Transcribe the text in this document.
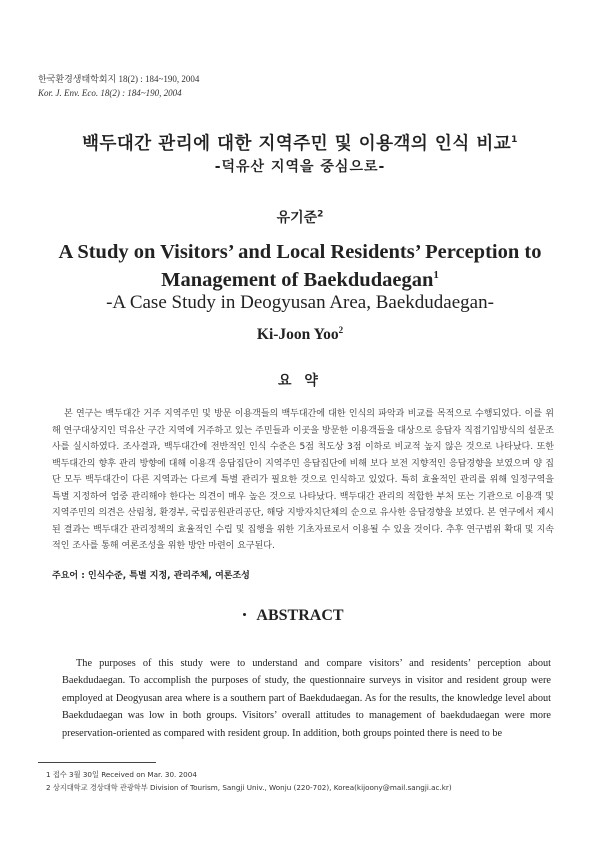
한국환경생태학회지 18(2) : 184~190, 2004
Kor. J. Env. Eco. 18(2) : 184~190, 2004
백두대간 관리에 대한 지역주민 및 이용객의 인식 비교$^1$
-덕유산 지역을 중심으로-
유기준$^2$
A Study on Visitors’ and Local Residents’ Perception to
Management of Baekdudaegan$^1$
-A Case Study in Deogyusan Area, Baekdudaegan-
Ki-Joon Yoo$^2$
요 약
본 연구는 백두대간 거주 지역주민 및 방문 이용객들의 백두대간에 대한 인식의 파악과 비교를 목적으로 수행되었다. 이를 위해 연구대상지인 덕유산 구간 지역에 거주하고 있는 주민들과 이곳을 방문한 이용객들을 대상으로 응답자 직접기입방식의 설문조사를 실시하였다. 조사결과, 백두대간에 전반적인 인식 수준은 5점 척도상 3점 이하로 비교적 높지 않은 것으로 나타났다. 또한 백두대간의 향후 관리 방향에 대해 이용객 응답집단이 지역주민 응답집단에 비해 보다 보전 지향적인 응답경향을 보였으며 양 집단 모두 백두대간이 다른 지역과는 다르게 특별 관리가 필요한 것으로 인식하고 있었다. 특히 효율적인 관리를 위해 일정구역을 특별 지정하여 엄중 관리해야 한다는 의견이 매우 높은 것으로 나타났다. 백두대간 관리의 적합한 부처 또는 기관으로 이용객 및 지역주민의 의견은 산림청, 환경부, 국립공원관리공단, 해당 지방자치단체의 순으로 유사한 응답경향을 보였다. 본 연구에서 제시된 결과는 백두대간 관리정책의 효율적인 수립 및 집행을 위한 기초자료로서 이용될 수 있을 것이다. 추후 연구범위 확대 및 지속적인 조사를 통해 여론조성을 위한 방안 마련이 요구된다.
주요어 : 인식수준, 특별 지정, 관리주체, 여론조성
ABSTRACT
The purposes of this study were to understand and compare visitors’ and residents’ perception about Baekdudaegan. To accomplish the purposes of study, the questionnaire surveys in visitor and resident group were employed at Deogyusan area where is a southern part of Baekdudaegan. As for the results, the knowledge level about Baekdudaegan was low in both groups. Visitors’ overall attitudes to management of baekdudaegan were more preservation-oriented as compared with resident group. In addition, both groups pointed there is need to be
1 접수 3월 30일 Received on Mar. 30. 2004
2 상지대학교 경상대학 관광학부 Division of Tourism, Sangji Univ., Wonju (220-702), Korea(kijoony@mail.sangji.ac.kr)
